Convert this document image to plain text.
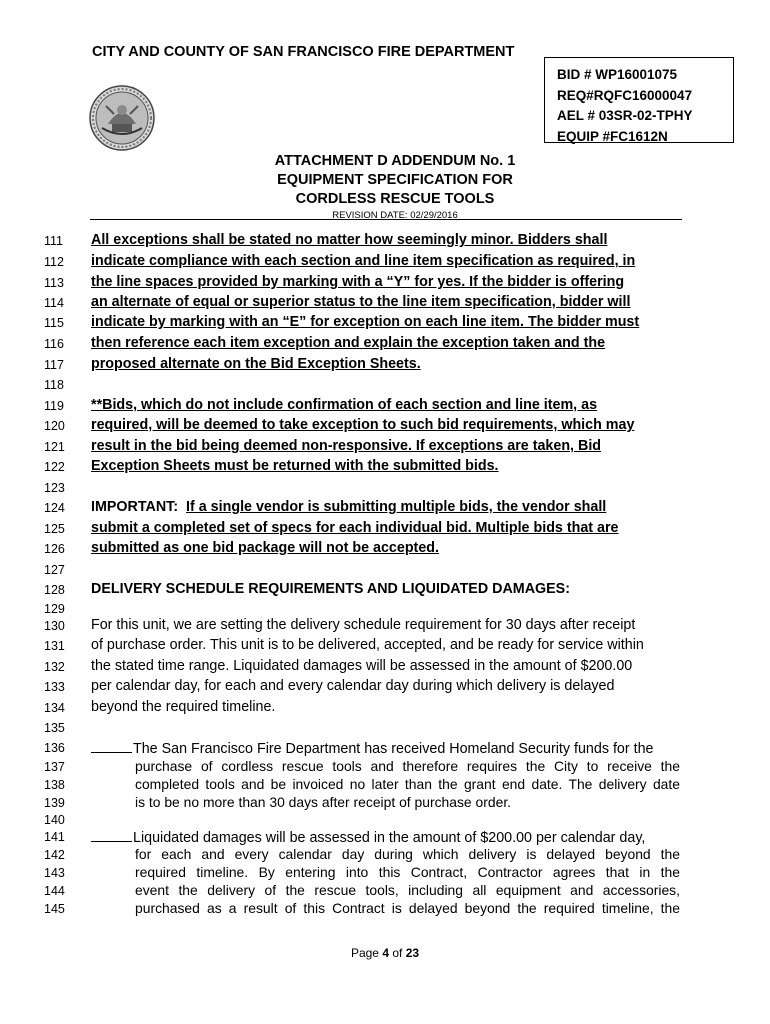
CITY AND COUNTY OF SAN FRANCISCO FIRE DEPARTMENT
BID # WP16001075
REQ#RQFC16000047
AEL # 03SR-02-TPHY
EQUIP #FC1612N
ATTACHMENT D ADDENDUM No. 1
EQUIPMENT SPECIFICATION FOR
CORDLESS RESCUE TOOLS
REVISION DATE: 02/29/2016
111
112
113
114
115
116
117
118
119
120
121
122
123
124
125
126
127
128
129
130
131
132
133
134
135
136
137
138
139
140
141
142
143
144
145
All exceptions shall be stated no matter how seemingly minor. Bidders shall
indicate compliance with each section and line item specification as required, in
the line spaces provided by marking with a “Y” for yes. If the bidder is offering
an alternate of equal or superior status to the line item specification, bidder will
indicate by marking with an “E” for exception on each line item. The bidder must
then reference each item exception and explain the exception taken and the
proposed alternate on the Bid Exception Sheets.
**Bids, which do not include confirmation of each section and line item, as
required, will be deemed to take exception to such bid requirements, which may
result in the bid being deemed non-responsive. If exceptions are taken, Bid
Exception Sheets must be returned with the submitted bids.
IMPORTANT:  If a single vendor is submitting multiple bids, the vendor shall
submit a completed set of specs for each individual bid. Multiple bids that are
submitted as one bid package will not be accepted.
DELIVERY SCHEDULE REQUIREMENTS AND LIQUIDATED DAMAGES:
For this unit, we are setting the delivery schedule requirement for 30 days after receipt
of purchase order. This unit is to be delivered, accepted, and be ready for service within
the stated time range. Liquidated damages will be assessed in the amount of $200.00
per calendar day, for each and every calendar day during which delivery is delayed
beyond the required timeline.
The San Francisco Fire Department has received Homeland Security funds for the
purchase of cordless rescue tools and therefore requires the City to receive the
completed tools and be invoiced no later than the grant end date. The delivery date
is to be no more than 30 days after receipt of purchase order.
Liquidated damages will be assessed in the amount of $200.00 per calendar day,
for each and every calendar day during which delivery is delayed beyond the
required timeline. By entering into this Contract, Contractor agrees that in the
event the delivery of the rescue tools, including all equipment and accessories,
purchased as a result of this Contract is delayed beyond the required timeline, the
Page 4 of 23
